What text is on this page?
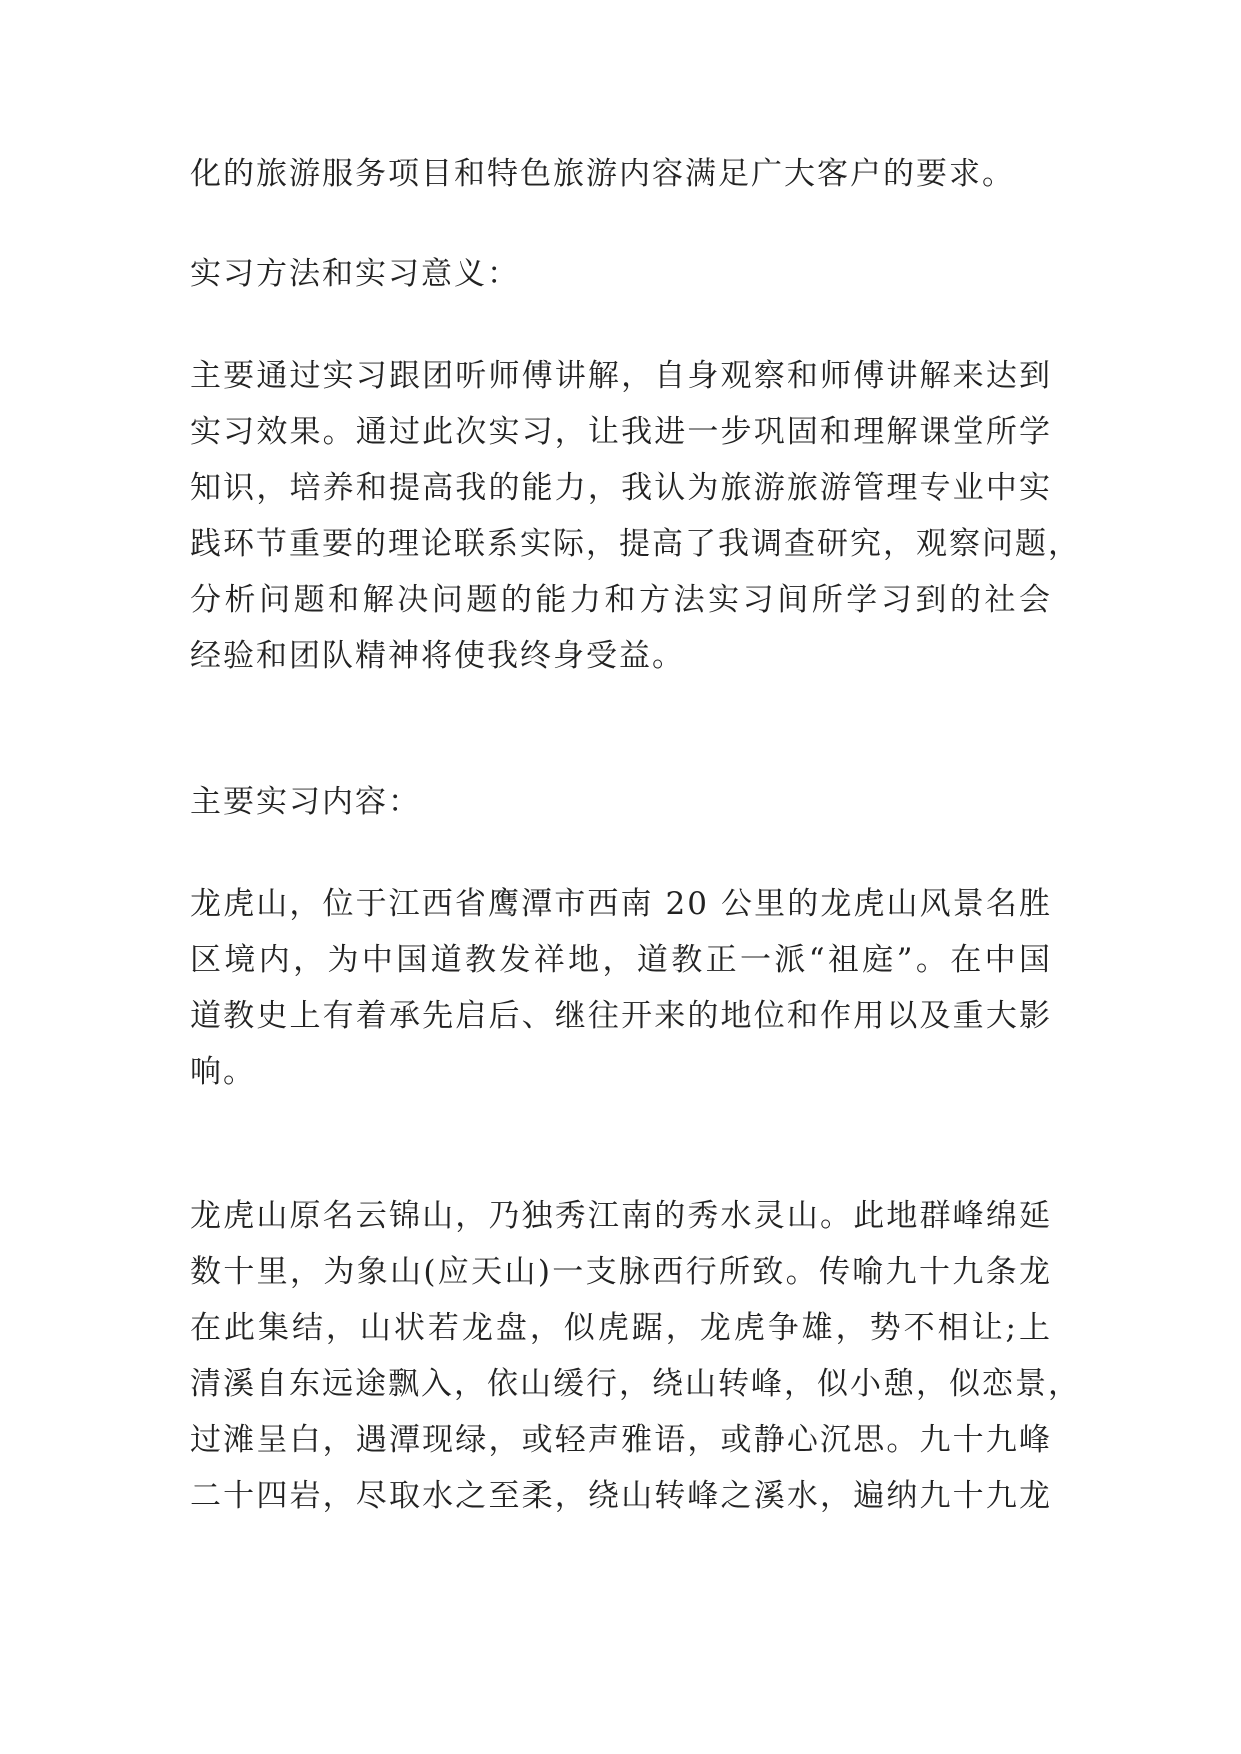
化的旅游服务项目和特色旅游内容满足广大客户的要求。
实习方法和实习意义：
主要通过实习跟团听师傅讲解，自身观察和师傅讲解来达到
实习效果。通过此次实习，让我进一步巩固和理解课堂所学
知识，培养和提高我的能力，我认为旅游旅游管理专业中实
践环节重要的理论联系实际，提高了我调查研究，观察问题，
分析问题和解决问题的能力和方法实习间所学习到的社会
经验和团队精神将使我终身受益。
主要实习内容：
龙虎山，位于江西省鹰潭市西南 20 公里的龙虎山风景名胜
区境内，为中国道教发祥地，道教正一派“祖庭”。在中国
道教史上有着承先启后、继往开来的地位和作用以及重大影
响。
龙虎山原名云锦山，乃独秀江南的秀水灵山。此地群峰绵延
数十里，为象山(应天山)一支脉西行所致。传喻九十九条龙
在此集结，山状若龙盘，似虎踞，龙虎争雄，势不相让;上
清溪自东远途飘入，依山缓行，绕山转峰，似小憩，似恋景，
过滩呈白，遇潭现绿，或轻声雅语，或静心沉思。九十九峰
二十四岩，尽取水之至柔，绕山转峰之溪水，遍纳九十九龙
